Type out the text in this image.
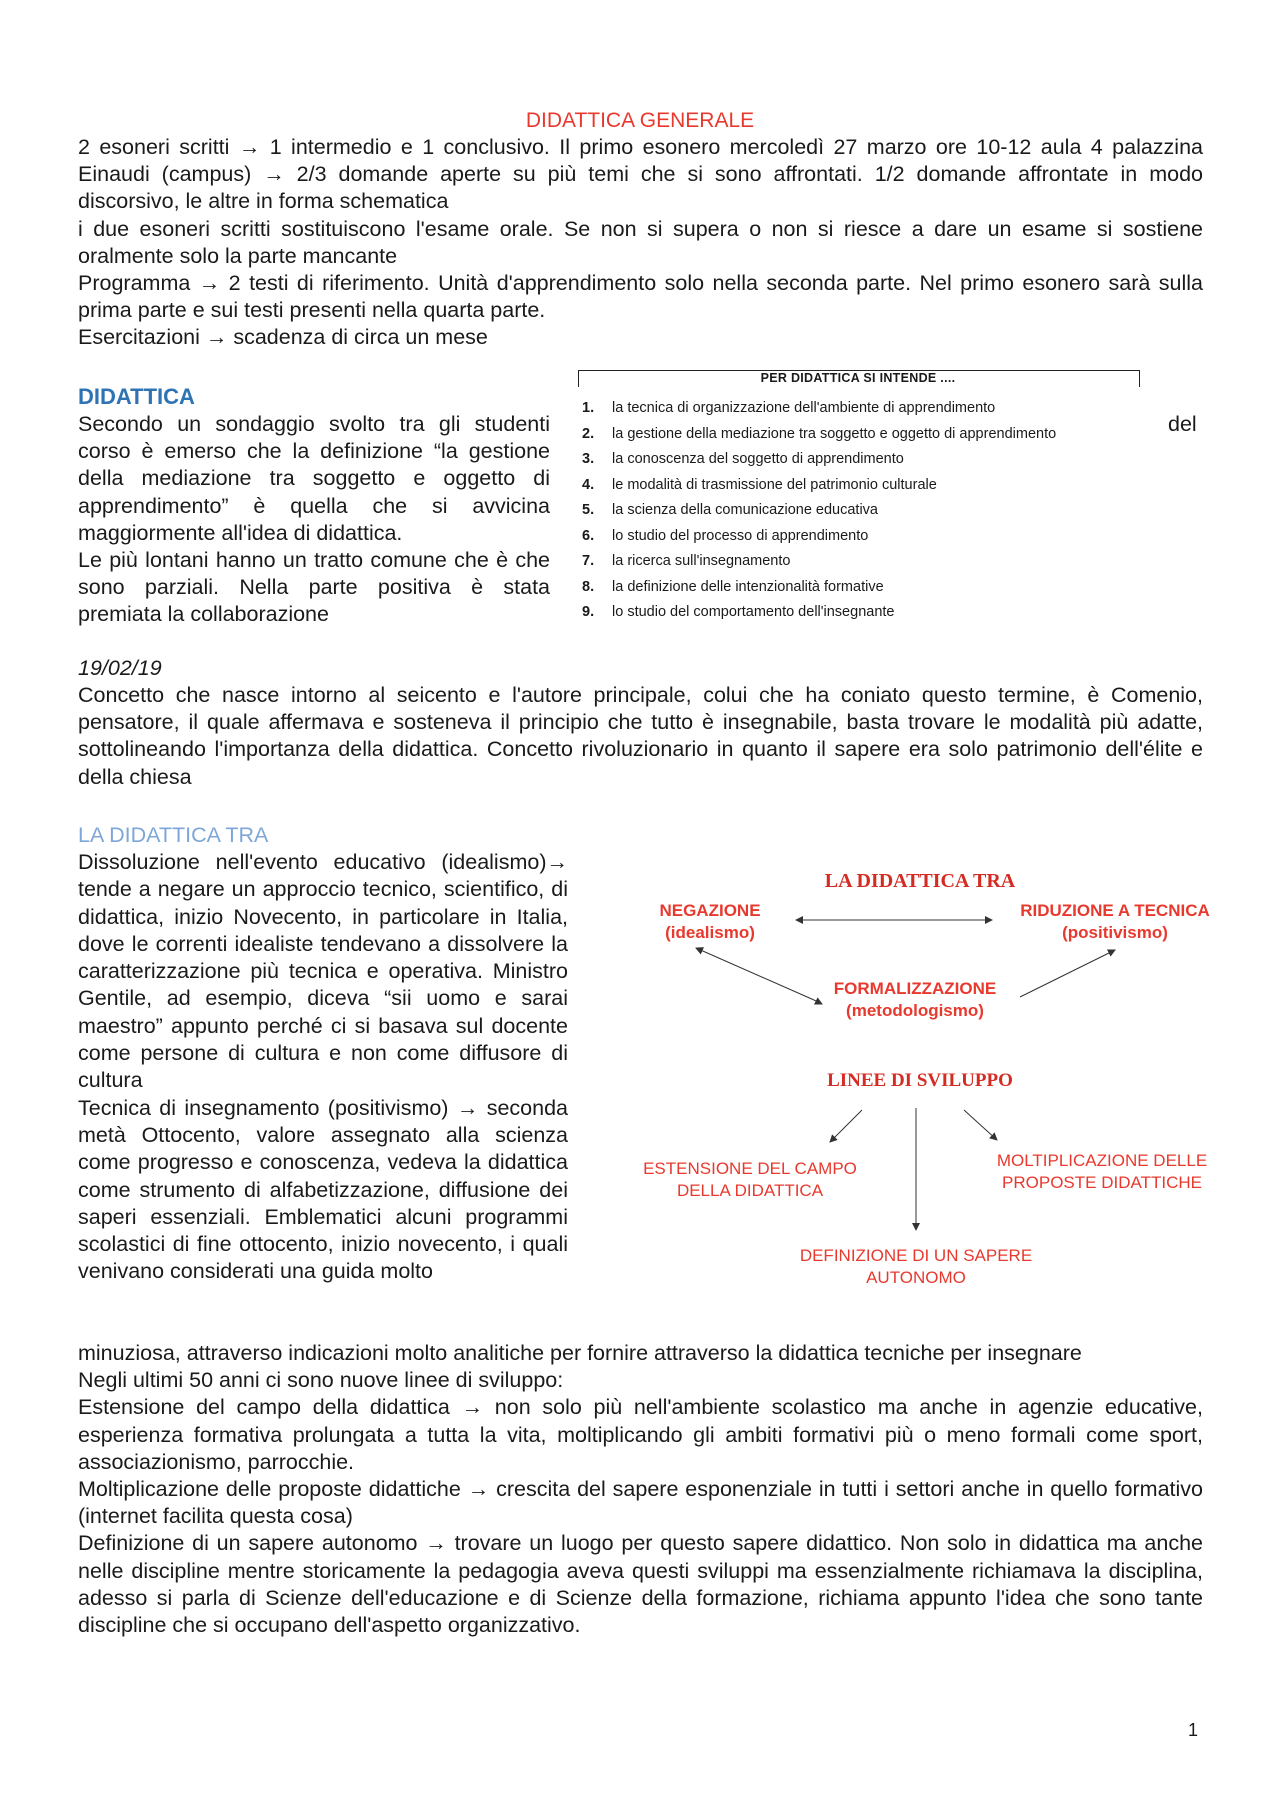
DIDATTICA GENERALE

2 esoneri scritti → 1 intermedio e 1 conclusivo. Il primo esonero mercoledì 27 marzo ore 10-12 aula 4 palazzina Einaudi (campus) → 2/3 domande aperte su più temi che si sono affrontati. 1/2 domande affrontate in modo discorsivo, le altre in forma schematica

i due esoneri scritti sostituiscono l'esame orale. Se non si supera o non si riesce a dare un esame si sostiene oralmente solo la parte mancante

Programma → 2 testi di riferimento. Unità d'apprendimento solo nella seconda parte. Nel primo esonero sarà sulla prima parte e sui testi presenti nella quarta parte.

Esercitazioni → scadenza di circa un mese

DIDATTICA

Secondo un sondaggio svolto tra gli studenti corso è emerso che la definizione “la gestione della mediazione tra soggetto e oggetto di apprendimento” è quella che si avvicina maggiormente all'idea di didattica.

Le più lontani hanno un tratto comune che è che sono parziali. Nella parte positiva è stata premiata la collaborazione

del
PER DIDATTICA SI INTENDE ....
1. la tecnica di organizzazione dell'ambiente di apprendimento
2. la gestione della mediazione tra soggetto e oggetto di apprendimento
3. la conoscenza del soggetto di apprendimento
4. le modalità di trasmissione del patrimonio culturale
5. la scienza della comunicazione educativa
6. lo studio del processo di apprendimento
7. la ricerca sull'insegnamento
8. la definizione delle intenzionalità formative
9. lo studio del comportamento dell'insegnante
19/02/19
Concetto che nasce intorno al seicento e l'autore principale, colui che ha coniato questo termine, è Comenio, pensatore, il quale affermava e sosteneva il principio che tutto è insegnabile, basta trovare le modalità più adatte, sottolineando l'importanza della didattica. Concetto rivoluzionario in quanto il sapere era solo patrimonio dell'élite e della chiesa
LA DIDATTICA TRA

Dissoluzione nell'evento educativo (idealismo)→ tende a negare un approccio tecnico, scientifico, di didattica, inizio Novecento, in particolare in Italia, dove le correnti idealiste tendevano a dissolvere la caratterizzazione più tecnica e operativa. Ministro Gentile, ad esempio, diceva “sii uomo e sarai maestro” appunto perché ci si basava sul docente come persone di cultura e non come diffusore di cultura

Tecnica di insegnamento (positivismo) → seconda metà Ottocento, valore assegnato alla scienza come progresso e conoscenza, vedeva la didattica come strumento di alfabetizzazione, diffusione dei saperi essenziali. Emblematici alcuni programmi scolastici di fine ottocento, inizio novecento, i quali venivano considerati una guida molto

LA DIDATTICA TRA
NEGAZIONE
(idealismo)
RIDUZIONE A TECNICA
(positivismo)
FORMALIZZAZIONE
(metodologismo)
LINEE DI SVILUPPO
ESTENSIONE DEL CAMPO
DELLA DIDATTICA
MOLTIPLICAZIONE DELLE
PROPOSTE DIDATTICHE
DEFINIZIONE DI UN SAPERE
AUTONOMO

minuziosa, attraverso indicazioni molto analitiche per fornire attraverso la didattica tecniche per insegnare

Negli ultimi 50 anni ci sono nuove linee di sviluppo:

Estensione del campo della didattica → non solo più nell'ambiente scolastico ma anche in agenzie educative, esperienza formativa prolungata a tutta la vita, moltiplicando gli ambiti formativi più o meno formali come sport, associazionismo, parrocchie.

Moltiplicazione delle proposte didattiche → crescita del sapere esponenziale in tutti i settori anche in quello formativo (internet facilita questa cosa)

Definizione di un sapere autonomo → trovare un luogo per questo sapere didattico. Non solo in didattica ma anche nelle discipline mentre storicamente la pedagogia aveva questi sviluppi ma essenzialmente richiamava la disciplina, adesso si parla di Scienze dell'educazione e di Scienze della formazione, richiama appunto l'idea che sono tante discipline che si occupano dell'aspetto organizzativo.

1
